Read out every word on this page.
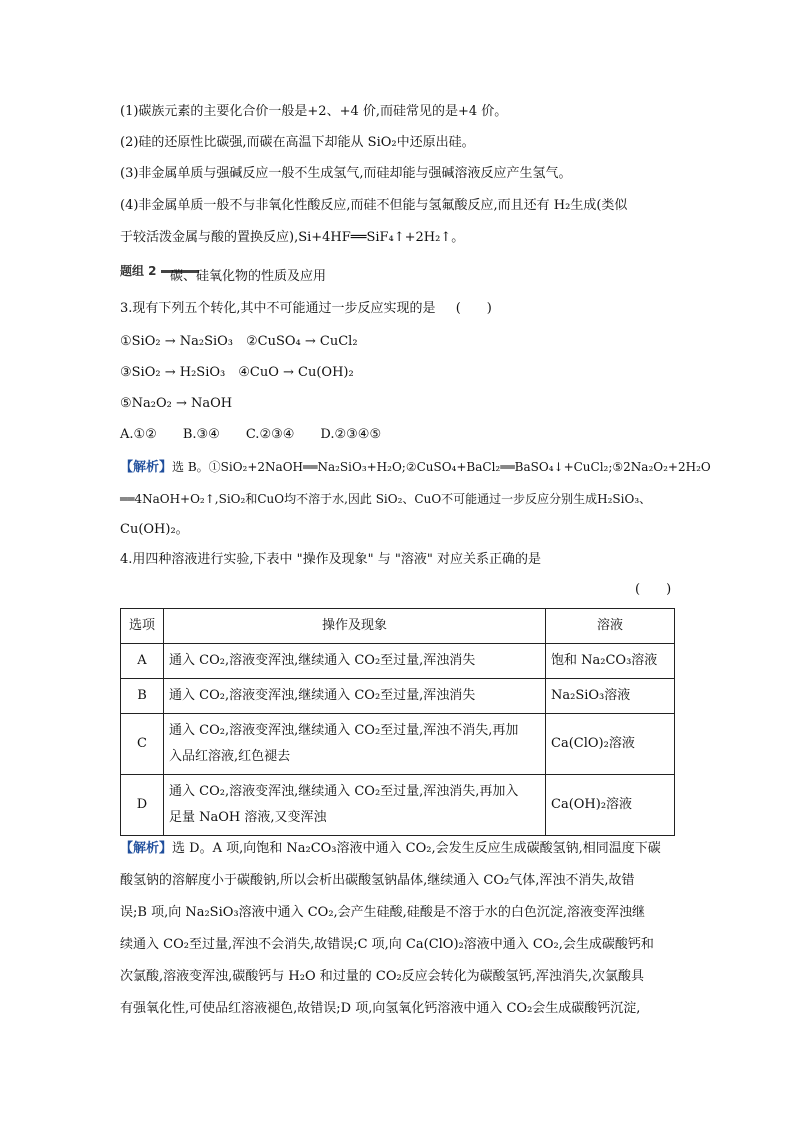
(1)碳族元素的主要化合价一般是+2、+4 价,而硅常见的是+4 价。
(2)硅的还原性比碳强,而碳在高温下却能从 SiO₂中还原出硅。
(3)非金属单质与强碱反应一般不生成氢气,而硅却能与强碱溶液反应产生氢气。
(4)非金属单质一般不与非氧化性酸反应,而硅不但能与氢氟酸反应,而且还有 H₂生成(类似
于较活泼金属与酸的置换反应),Si+4HF══SiF₄↑+2H₂↑。
题组 2	碳、硅氧化物的性质及应用
3.现有下列五个转化,其中不可能通过一步反应实现的是 (　　)
①SiO₂ → Na₂SiO₃　②CuSO₄ → CuCl₂
③SiO₂ → H₂SiO₃　④CuO → Cu(OH)₂
⑤Na₂O₂ → NaOH
A.①②　　B.③④　　C.②③④　　D.②③④⑤
【解析】选 B。①SiO₂+2NaOH══Na₂SiO₃+H₂O;②CuSO₄+BaCl₂══BaSO₄↓+CuCl₂;⑤2Na₂O₂+2H₂O
══4NaOH+O₂↑,SiO₂和CuO均不溶于水,因此 SiO₂、CuO不可能通过一步反应分别生成H₂SiO₃、
Cu(OH)₂。
4.用四种溶液进行实验,下表中 "操作及现象" 与 "溶液" 对应关系正确的是
(　　)
选项	操作及现象	溶液
A	通入 CO₂,溶液变浑浊,继续通入 CO₂至过量,浑浊消失	饱和 Na₂CO₃溶液
B	通入 CO₂,溶液变浑浊,继续通入 CO₂至过量,浑浊消失	Na₂SiO₃溶液
C	通入 CO₂,溶液变浑浊,继续通入 CO₂至过量,浑浊不消失,再加
入品红溶液,红色褪去	Ca(ClO)₂溶液
D	通入 CO₂,溶液变浑浊,继续通入 CO₂至过量,浑浊消失,再加入
足量 NaOH 溶液,又变浑浊	Ca(OH)₂溶液
【解析】选 D。A 项,向饱和 Na₂CO₃溶液中通入 CO₂,会发生反应生成碳酸氢钠,相同温度下碳
酸氢钠的溶解度小于碳酸钠,所以会析出碳酸氢钠晶体,继续通入 CO₂气体,浑浊不消失,故错
误;B 项,向 Na₂SiO₃溶液中通入 CO₂,会产生硅酸,硅酸是不溶于水的白色沉淀,溶液变浑浊继
续通入 CO₂至过量,浑浊不会消失,故错误;C 项,向 Ca(ClO)₂溶液中通入 CO₂,会生成碳酸钙和
次氯酸,溶液变浑浊,碳酸钙与 H₂O 和过量的 CO₂反应会转化为碳酸氢钙,浑浊消失,次氯酸具
有强氧化性,可使品红溶液褪色,故错误;D 项,向氢氧化钙溶液中通入 CO₂会生成碳酸钙沉淀,
